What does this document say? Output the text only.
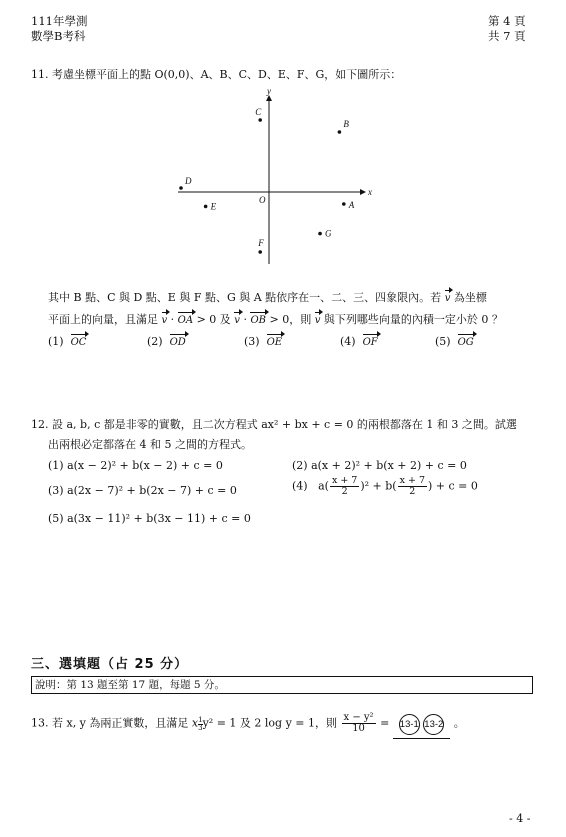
111年學測
數學B考科
第 4 頁
共 7 頁
11. 考慮坐標平面上的點 O(0,0)、A、B、C、D、E、F、G，如下圖所示：
x
y
O	A
B
C
D
E
F
G
其中 B 點、C 與 D 點、E 與 F 點、G 與 A 點依序在一、二、三、四象限內。若 v 為坐標
平面上的向量，且滿足 v · OA > 0 及 v · OB > 0，則 v 與下列哪些向量的內積一定小於 0 ？
(1) OC	(2) OD	(3) OE	(4) OF	(5) OG
12. 設 a, b, c 都是非零的實數，且二次方程式 ax² + bx + c = 0 的兩根都落在 1 和 3 之間。試選
出兩根必定都落在 4 和 5 之間的方程式。
(1) a(x − 2)² + b(x − 2) + c = 0	(2) a(x + 2)² + b(x + 2) + c = 0
(3) a(2x − 7)² + b(2x − 7) + c = 0	(4) $a( \frac{x + 7}{2} )^2 + b( \frac{x + 7}{2}$ ) + c = 0
(5) a(3x − 11)² + b(3x − 11) + c = 0
三、選填題（占 25 分）
說明：第 13 題至第 17 題，每題 5 分。
13. 若 x, y 為兩正實數，且滿足 x $\frac{1}{3} y^2 = 1$ 及 2 log y = 1，則 $\frac{\text{x − y²}}{10} = 13-1$ 13-2 。
- 4 -
